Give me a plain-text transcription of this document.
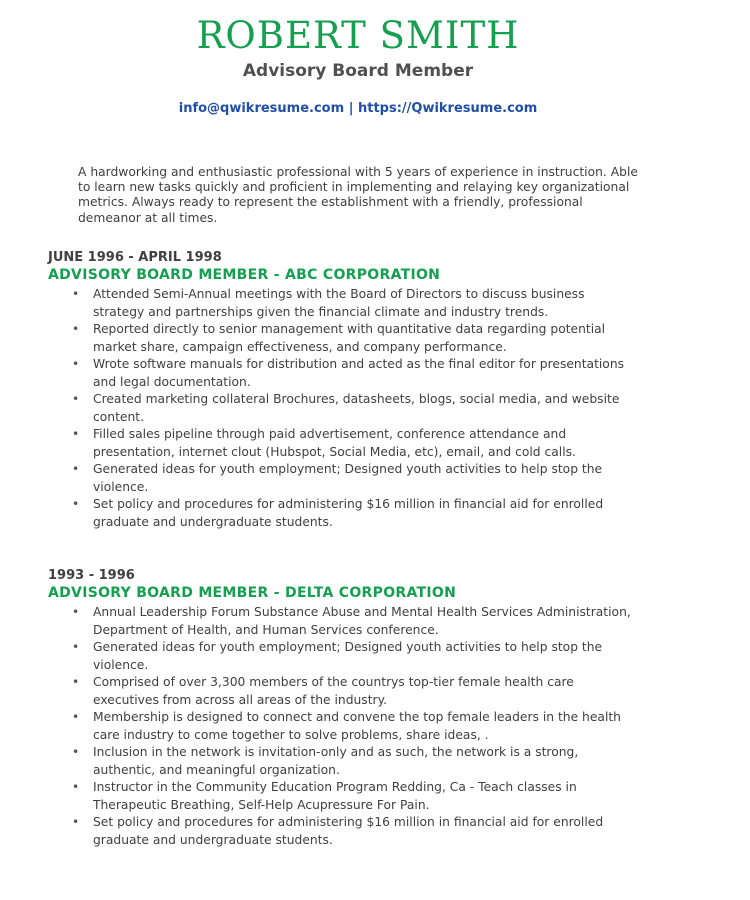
ROBERT SMITH
Advisory Board Member
info@qwikresume.com | https://Qwikresume.com
A hardworking and enthusiastic professional with 5 years of experience in instruction. Able to learn new tasks quickly and proficient in implementing and relaying key organizational metrics. Always ready to represent the establishment with a friendly, professional demeanor at all times.
JUNE 1996 - APRIL 1998
ADVISORY BOARD MEMBER - ABC CORPORATION
• Attended Semi-Annual meetings with the Board of Directors to discuss business strategy and partnerships given the financial climate and industry trends.
• Reported directly to senior management with quantitative data regarding potential market share, campaign effectiveness, and company performance.
• Wrote software manuals for distribution and acted as the final editor for presentations and legal documentation.
• Created marketing collateral Brochures, datasheets, blogs, social media, and website content.
• Filled sales pipeline through paid advertisement, conference attendance and presentation, internet clout (Hubspot, Social Media, etc), email, and cold calls.
• Generated ideas for youth employment; Designed youth activities to help stop the violence.
• Set policy and procedures for administering $16 million in financial aid for enrolled graduate and undergraduate students.
1993 - 1996
ADVISORY BOARD MEMBER - DELTA CORPORATION
• Annual Leadership Forum Substance Abuse and Mental Health Services Administration, Department of Health, and Human Services conference.
• Generated ideas for youth employment; Designed youth activities to help stop the violence.
• Comprised of over 3,300 members of the countrys top-tier female health care executives from across all areas of the industry.
• Membership is designed to connect and convene the top female leaders in the health care industry to come together to solve problems, share ideas, .
• Inclusion in the network is invitation-only and as such, the network is a strong, authentic, and meaningful organization.
• Instructor in the Community Education Program Redding, Ca - Teach classes in Therapeutic Breathing, Self-Help Acupressure For Pain.
• Set policy and procedures for administering $16 million in financial aid for enrolled graduate and undergraduate students.
